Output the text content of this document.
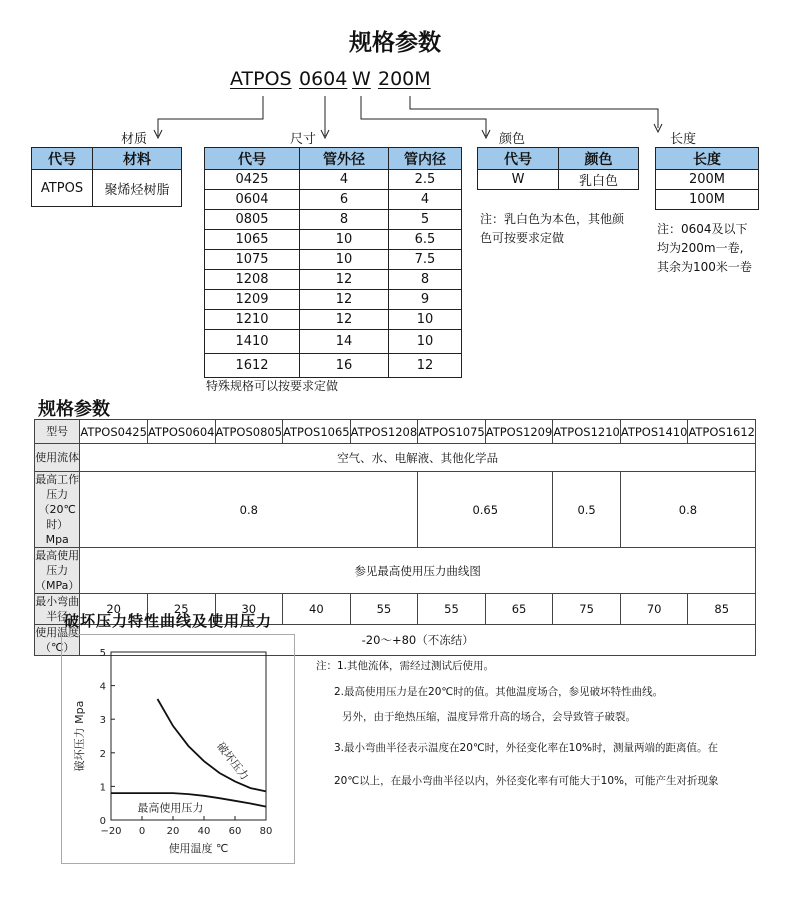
规格参数
ATPOS 0604 W 200M
材质	尺寸	颜色	长度
代号	材料
ATPOS	聚烯烃树脂
代号	管外径	管内径
0425	4	2.5
0604	6	4
0805	8	5
1065	10	6.5
1075	10	7.5
1208	12	8
1209	12	9
1210	12	10
1410	14	10
1612	16	12
特殊规格可以按要求定做
代号	颜色
W	乳白色
注：乳白色为本色，其他颜
色可按要求定做
长度
200M
100M
注：0604及以下
均为200m一卷,
其余为100米一卷
规格参数
型号	ATPOS0425	ATPOS0604	ATPOS0805	ATPOS1065	ATPOS1208	ATPOS1075	ATPOS1209	ATPOS1210	ATPOS1410	ATPOS1612
使用流体	空气、水、电解液、其他化学品									

最高工作压力
（20℃时）Mpa	0.8					0.65		0.5	0.8	

最高使用压力
（MPa）	参见最高使用压力曲线图									
最小弯曲半径	20	25	30	40	55	55	65	75	70	85
使用温度（℃）	-20～+80（不冻结）									
破坏压力特性曲线及使用压力
0
1
2
3
4
5
−20 0 20 40 60 80
使用温度 ℃
破坏压力 Mpa	破坏压力
最高使用压力
注：1.其他流体，需经过测试后使用。
2.最高使用压力是在20℃时的值。其他温度场合，参见破坏特性曲线。
另外，由于绝热压缩，温度异常升高的场合，会导致管子破裂。
3.最小弯曲半径表示温度在20℃时，外径变化率在10%时，测量两端的距离值。在
20℃以上，在最小弯曲半径以内，外径变化率有可能大于10%，可能产生对折现象
